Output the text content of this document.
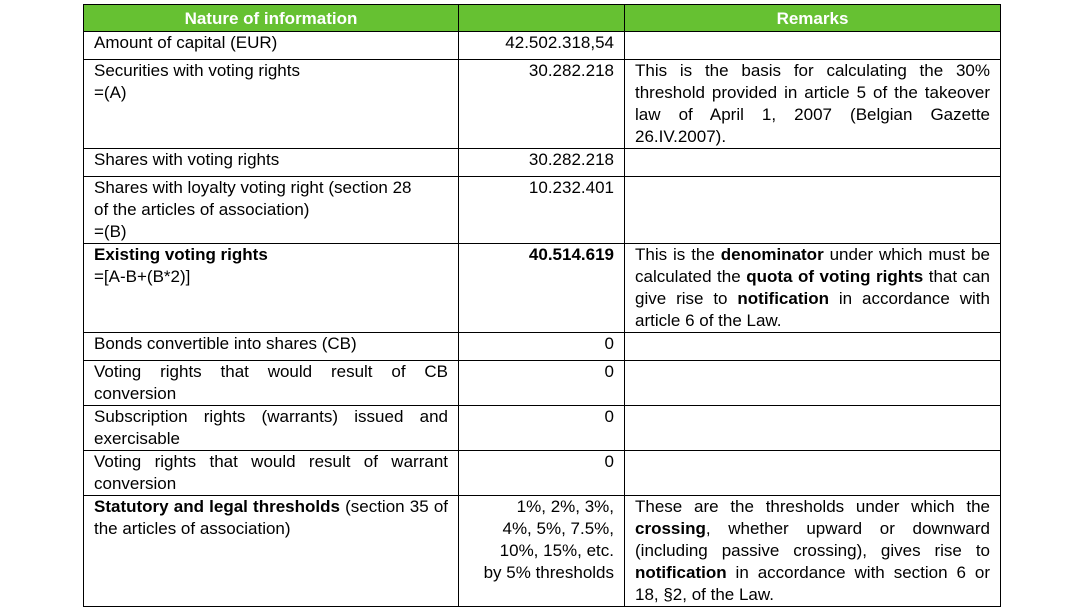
Nature of information		Remarks
Amount of capital (EUR)	42.502.318,54	

Securities with voting rights
=(A)	30.282.218	This is the basis for calculating the 30% threshold provided in article 5 of the takeover law of April 1, 2007 (Belgian Gazette 26.IV.2007).
Shares with voting rights	30.282.218	

Shares with loyalty voting right (section 28
of the articles of association)
=(B)	10.232.401	

Existing voting rights
=[A-B+(B*2)]	40.514.619	This is the denominator under which must be calculated the quota of voting rights that can give rise to notification in accordance with article 6 of the Law.
Bonds convertible into shares (CB)	0	
Voting rights that would result of CB conversion	0	
Subscription rights (warrants) issued and exercisable	0	
Voting rights that would result of warrant conversion	0	
Statutory and legal thresholds (section 35 of the articles of association)	1%, 2%, 3%,
4%, 5%, 7.5%,
10%, 15%, etc.
by 5% thresholds	These are the thresholds under which the crossing, whether upward or downward (including passive crossing), gives rise to notification in accordance with section 6 or 18, §2, of the Law.
